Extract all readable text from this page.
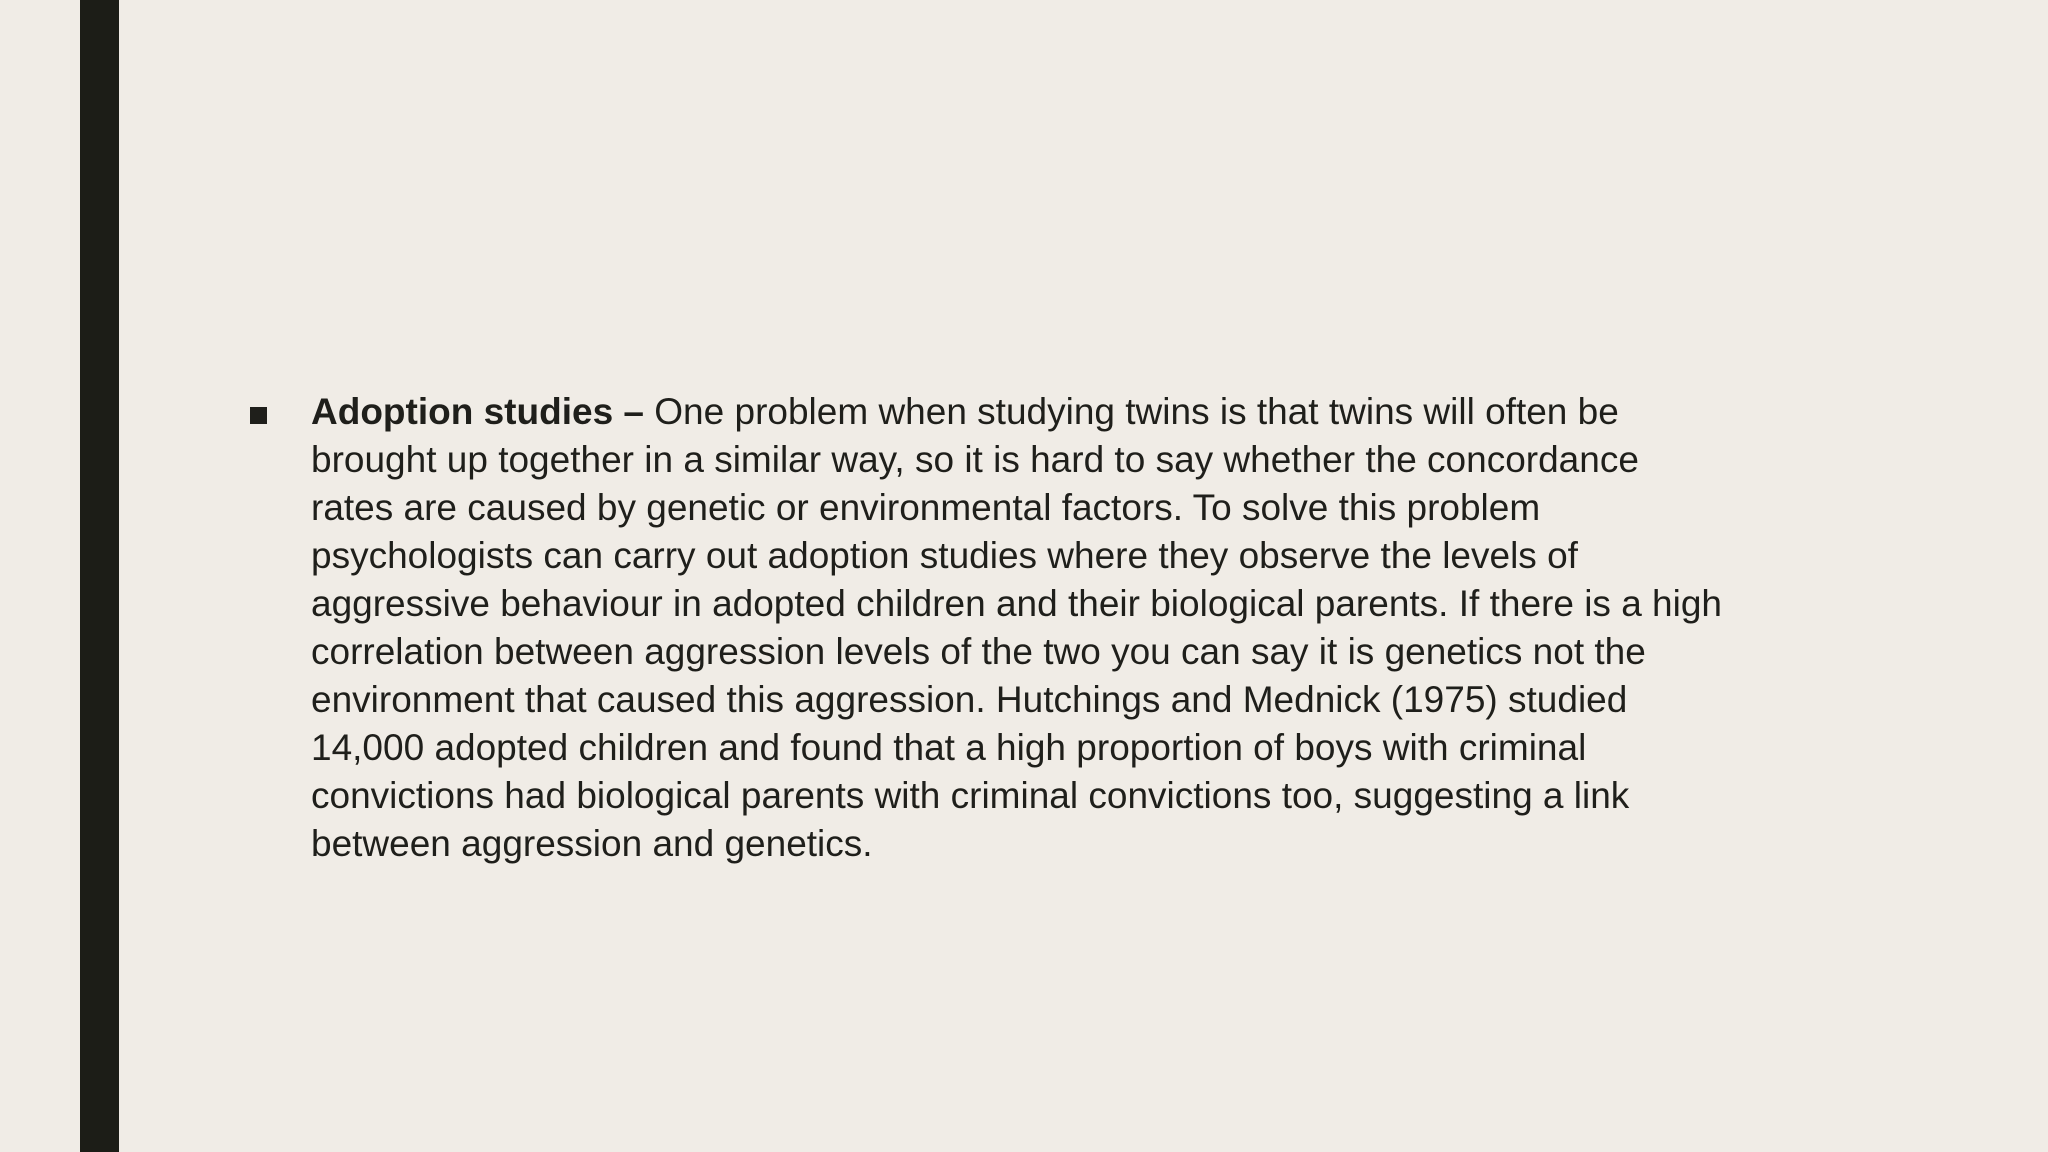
Adoption studies – One problem when studying twins is that twins will often be
brought up together in a similar way, so it is hard to say whether the concordance
rates are caused by genetic or environmental factors. To solve this problem
psychologists can carry out adoption studies where they observe the levels of
aggressive behaviour in adopted children and their biological parents. If there is a high
correlation between aggression levels of the two you can say it is genetics not the
environment that caused this aggression. Hutchings and Mednick (1975) studied
14,000 adopted children and found that a high proportion of boys with criminal
convictions had biological parents with criminal convictions too, suggesting a link
between aggression and genetics.
